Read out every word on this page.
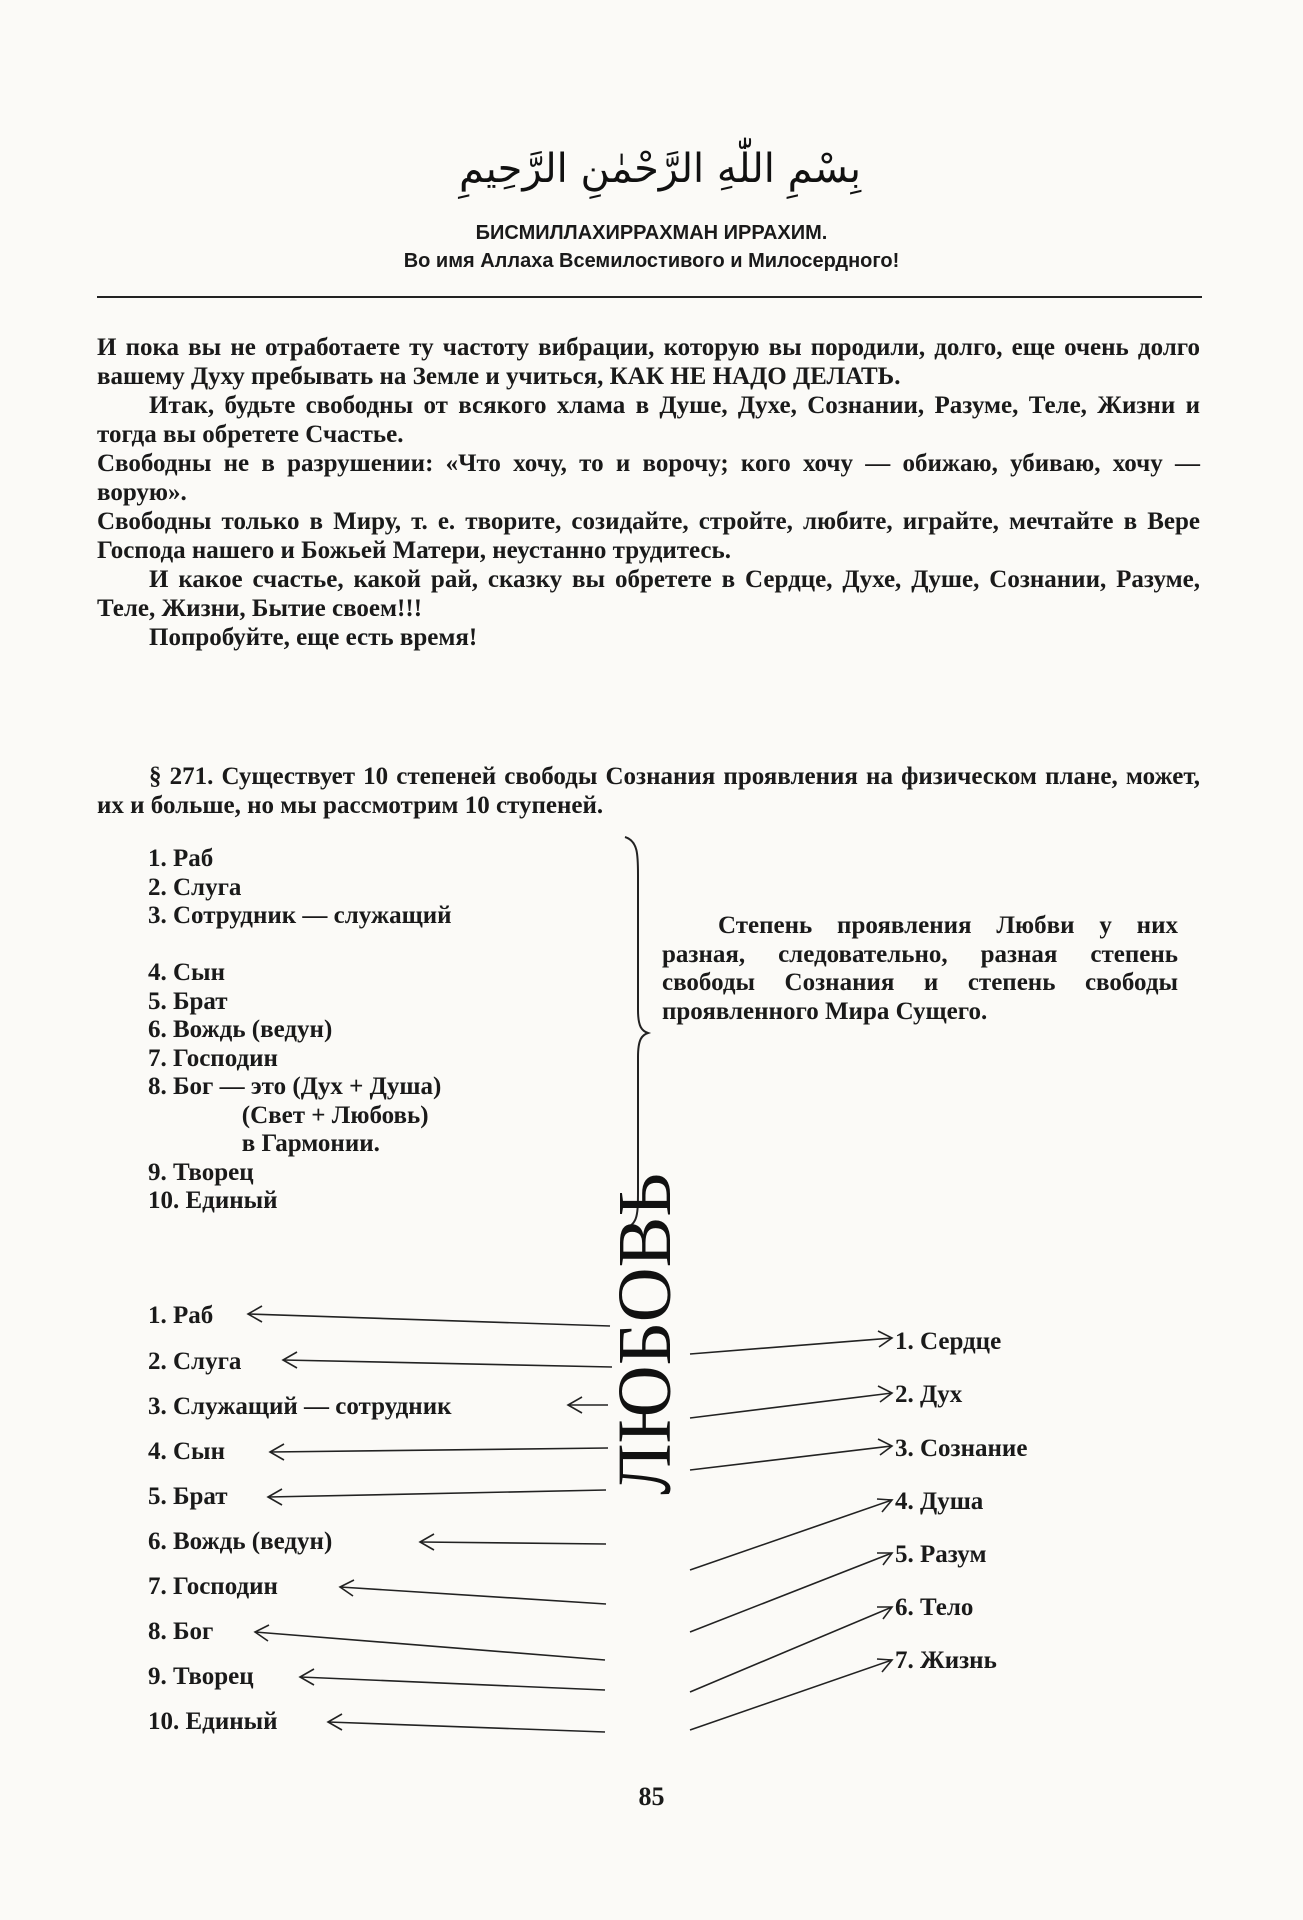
بِسْمِ اللّٰهِ الرَّحْمٰنِ الرَّحِيمِ
БИСМИЛЛАХИРРАХМАН ИРРАХИМ.
Во имя Аллаха Всемилостивого и Милосердного!

И пока вы не отработаете ту частоту вибрации, которую вы породили, долго, еще очень долго вашему Духу пребывать на Земле и учиться, КАК НЕ НАДО ДЕЛАТЬ.

Итак, будьте свободны от всякого хлама в Душе, Духе, Сознании, Разуме, Теле, Жизни и тогда вы обретете Счастье.

Свободны не в разрушении: «Что хочу, то и ворочу; кого хочу — обижаю, убиваю, хочу — ворую».

Свободны только в Миру, т. е. творите, созидайте, стройте, любите, играйте, мечтайте в Вере Господа нашего и Божьей Матери, неустанно трудитесь.

И какое счастье, какой рай, сказку вы обретете в Сердце, Духе, Душе, Сознании, Разуме, Теле, Жизни, Бытие своем!!!

Попробуйте, еще есть время!

§ 271. Существует 10 степеней свободы Сознания проявления на физическом плане, может, их и больше, но мы рассмотрим 10 ступеней.

1. Раб
2. Слуга
3. Сотрудник — служащий
4. Сын
5. Брат
6. Вождь (ведун)
7. Господин
8. Бог — это (Дух + Душа)
(Свет + Любовь)
в Гармонии.
9. Творец
10. Единый

Степень проявления Любви у них разная, следовательно, разная степень свободы Сознания и степень свободы проявленного Мира Сущего.

1. Раб
2. Слуга
3. Служащий — сотрудник
4. Сын
5. Брат
6. Вождь (ведун)
7. Господин
8. Бог
9. Творец
10. Единый
1. Сердце
2. Дух
3. Сознание
4. Душа
5. Разум
6. Тело
7. Жизнь
ЛЮБОВЬ
85
